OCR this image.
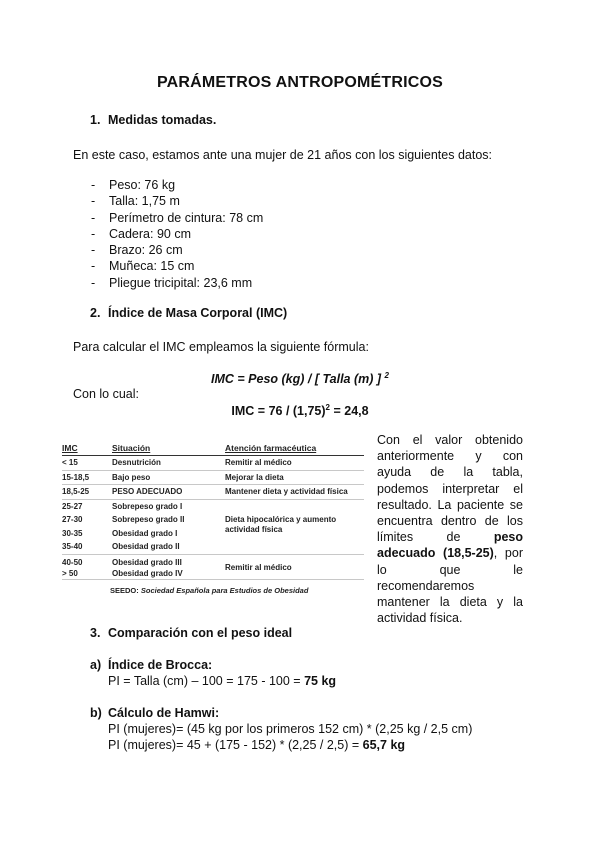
PARÁMETROS ANTROPOMÉTRICOS
1. Medidas tomadas.
En este caso, estamos ante una mujer de 21 años con los siguientes datos:
- Peso: 76 kg
- Talla: 1,75 m
- Perímetro de cintura: 78 cm
- Cadera: 90 cm
- Brazo: 26 cm
- Muñeca: 15 cm
- Pliegue tricipital: 23,6 mm
2. Índice de Masa Corporal (IMC)
Para calcular el IMC empleamos la siguiente fórmula:
IMC = Peso (kg) / [ Talla (m) ] $^2$
Con lo cual:
IMC = $76 / (1,75)^2 = 24,8$
IMC	Situación	Atención farmacéutica
< 15	Desnutrición	Remitir al médico
15-18,5	Bajo peso	Mejorar la dieta
18,5-25	PESO ADECUADO	Mantener dieta y actividad física
25-27	Sobrepeso grado I
27-30	Sobrepeso grado II
30-35	Obesidad grado I
35-40	Obesidad grado II
Dieta hipocalórica y aumento
actividad física
40-50	Obesidad grado III
> 50	Obesidad grado IV
Remitir al médico
SEEDO: Sociedad Española para Estudios de Obesidad
Con el valor obtenido anteriormente y con ayuda de la tabla, podemos interpretar el resultado. La paciente se encuentra dentro de los límites de peso adecuado (18,5-25), por lo que le recomendaremos mantener la dieta y la actividad física.
3. Comparación con el peso ideal
a) Índice de Brocca:
PI = Talla (cm) – 100 = 175 - 100 = 75 kg
b) Cálculo de Hamwi:
PI (mujeres)= (45 kg por los primeros 152 cm) * (2,25 kg / 2,5 cm)
PI (mujeres)= 45 + (175 - 152) * (2,25 / 2,5) = 65,7 kg
